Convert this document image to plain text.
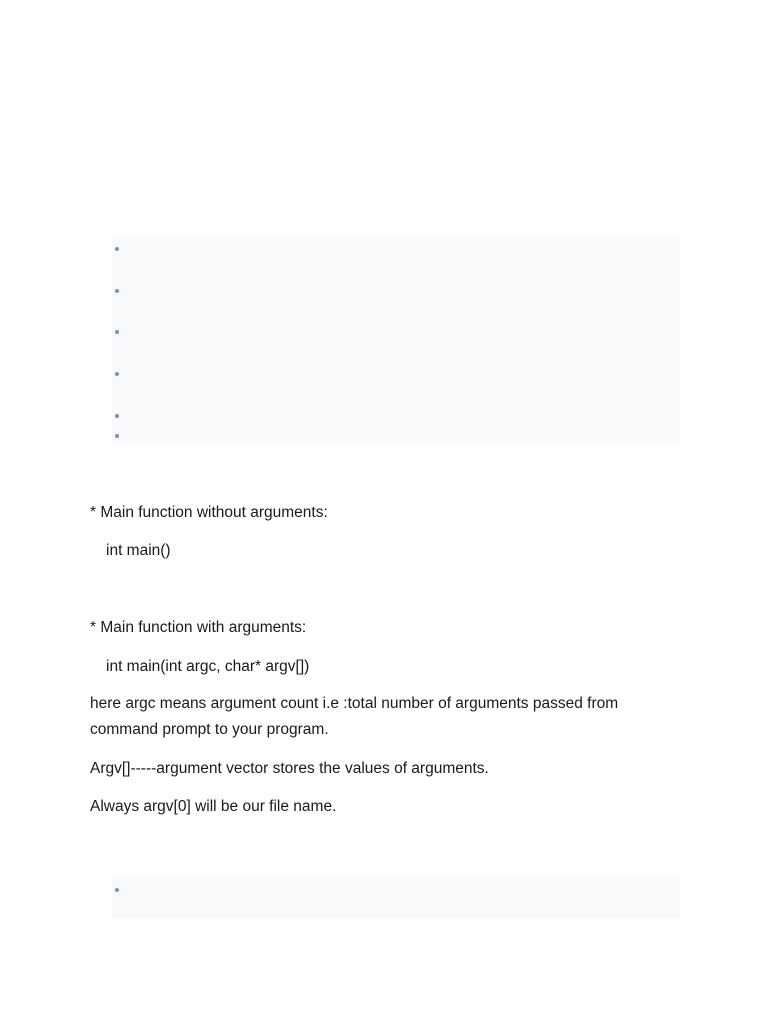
* Main function without arguments:
int main()
* Main function with arguments:
int main(int argc, char* argv[])
here argc means argument count i.e :total number of arguments passed from
command prompt to your program.
Argv[]-----argument vector stores the values of arguments.
Always argv[0] will be our file name.
